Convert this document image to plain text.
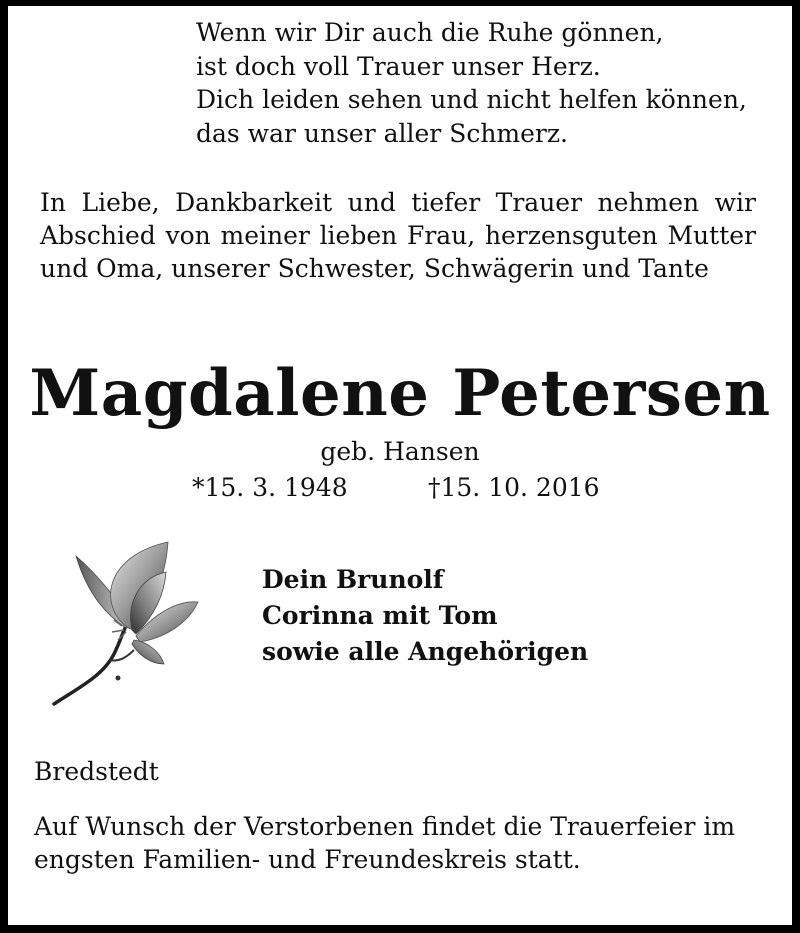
Wenn wir Dir auch die Ruhe gönnen,
ist doch voll Trauer unser Herz.
Dich leiden sehen und nicht helfen können,
das war unser aller Schmerz.
In Liebe, Dankbarkeit und tiefer Trauer nehmen wir Abschied von meiner lieben Frau, herzensguten Mutter und Oma, unserer Schwester, Schwägerin und Tante
Magdalene Petersen
geb. Hansen
*15. 3. 1948	†15. 10. 2016
Dein Brunolf
Corinna mit Tom
sowie alle Angehörigen
Bredstedt
Auf Wunsch der Verstorbenen findet die Trauerfeier im engsten Familien- und Freundeskreis statt.
